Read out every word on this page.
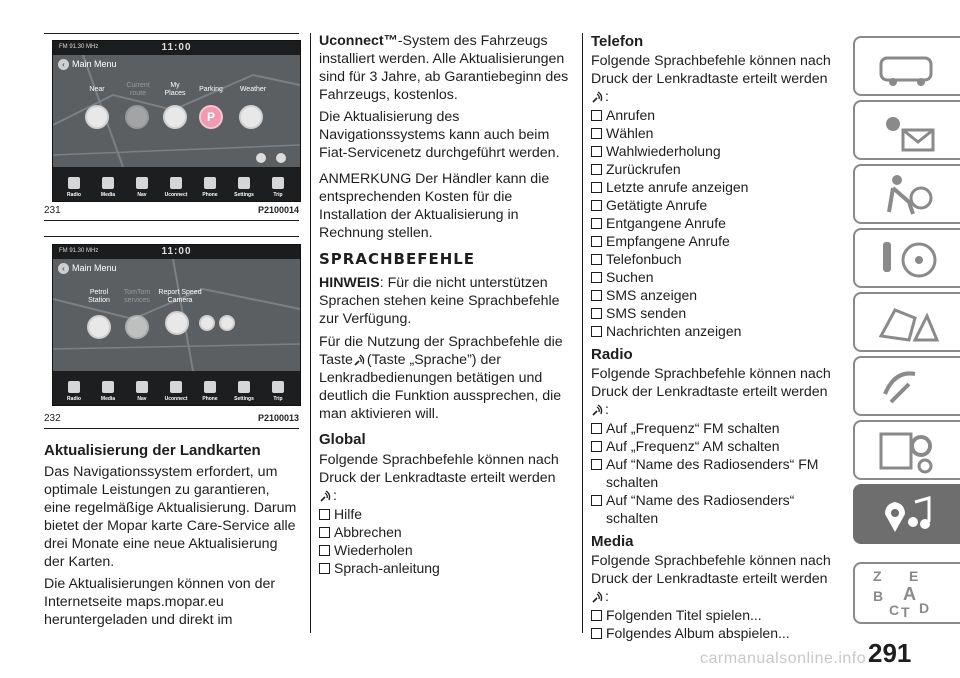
FM 91.30 MHz	11:00
‹ Main Menu
Near
Current route
My Places
Parking	Weather
P
Radio	Media	Nav	Uconnect	Phone	Settings	Trip
231	P2100014
FM 91.30 MHz	11:00
‹ Main Menu
Petrol Station
TomTom services
Report Speed Camera
Radio	Media	Nav	Uconnect	Phone	Settings	Trip
232	P2100013
Aktualisierung der Landkarten

Das Navigationssystem erfordert, um optimale Leistungen zu garantieren, eine regelmäßige Aktualisierung. Darum bietet der Mopar karte Care-Service alle drei Monate eine neue Aktualisierung der Karten.

Die Aktualisierungen können von der Internetseite maps.mopar.eu heruntergeladen und direkt im

Uconnect™-System des Fahrzeugs installiert werden. Alle Aktualisierungen sind für 3 Jahre, ab Garantiebeginn des Fahrzeugs, kostenlos.

Die Aktualisierung des Navigationssystems kann auch beim Fiat-Servicenetz durchgeführt werden.

ANMERKUNG Der Händler kann die entsprechenden Kosten für die Installation der Aktualisierung in Rechnung stellen.

SPRACHBEFEHLE

HINWEIS: Für die nicht unterstützen Sprachen stehen keine Sprachbefehle zur Verfügung.

Für die Nutzung der Sprachbefehle die Taste (Taste „Sprache”) der Lenkradbedienungen betätigen und deutlich die Funktion aussprechen, die man aktivieren will.

Global

Folgende Sprachbefehle können nach Druck der Lenkradtaste erteilt werden

:
Hilfe
Abbrechen
Wiederholen
Sprach-anleitung
Telefon

Folgende Sprachbefehle können nach Druck der Lenkradtaste erteilt werden

:
Anrufen
Wählen
Wahlwiederholung
Zurückrufen
Letzte anrufe anzeigen
Getätigte Anrufe
Entgangene Anrufe
Empfangene Anrufe
Telefonbuch
Suchen
SMS anzeigen
SMS senden
Nachrichten anzeigen
Radio

Folgende Sprachbefehle können nach Druck der Lenkradtaste erteilt werden

:
Auf „Frequenz“ FM schalten
Auf „Frequenz“ AM schalten
Auf “Name des Radiosenders“ FM schalten
Auf “Name des Radiosenders“ schalten
Media

Folgende Sprachbefehle können nach Druck der Lenkradtaste erteilt werden

:
Folgenden Titel spielen...
Folgendes Album abspielen...
Z E
B A
C T D
291
carmanualsonline.info
